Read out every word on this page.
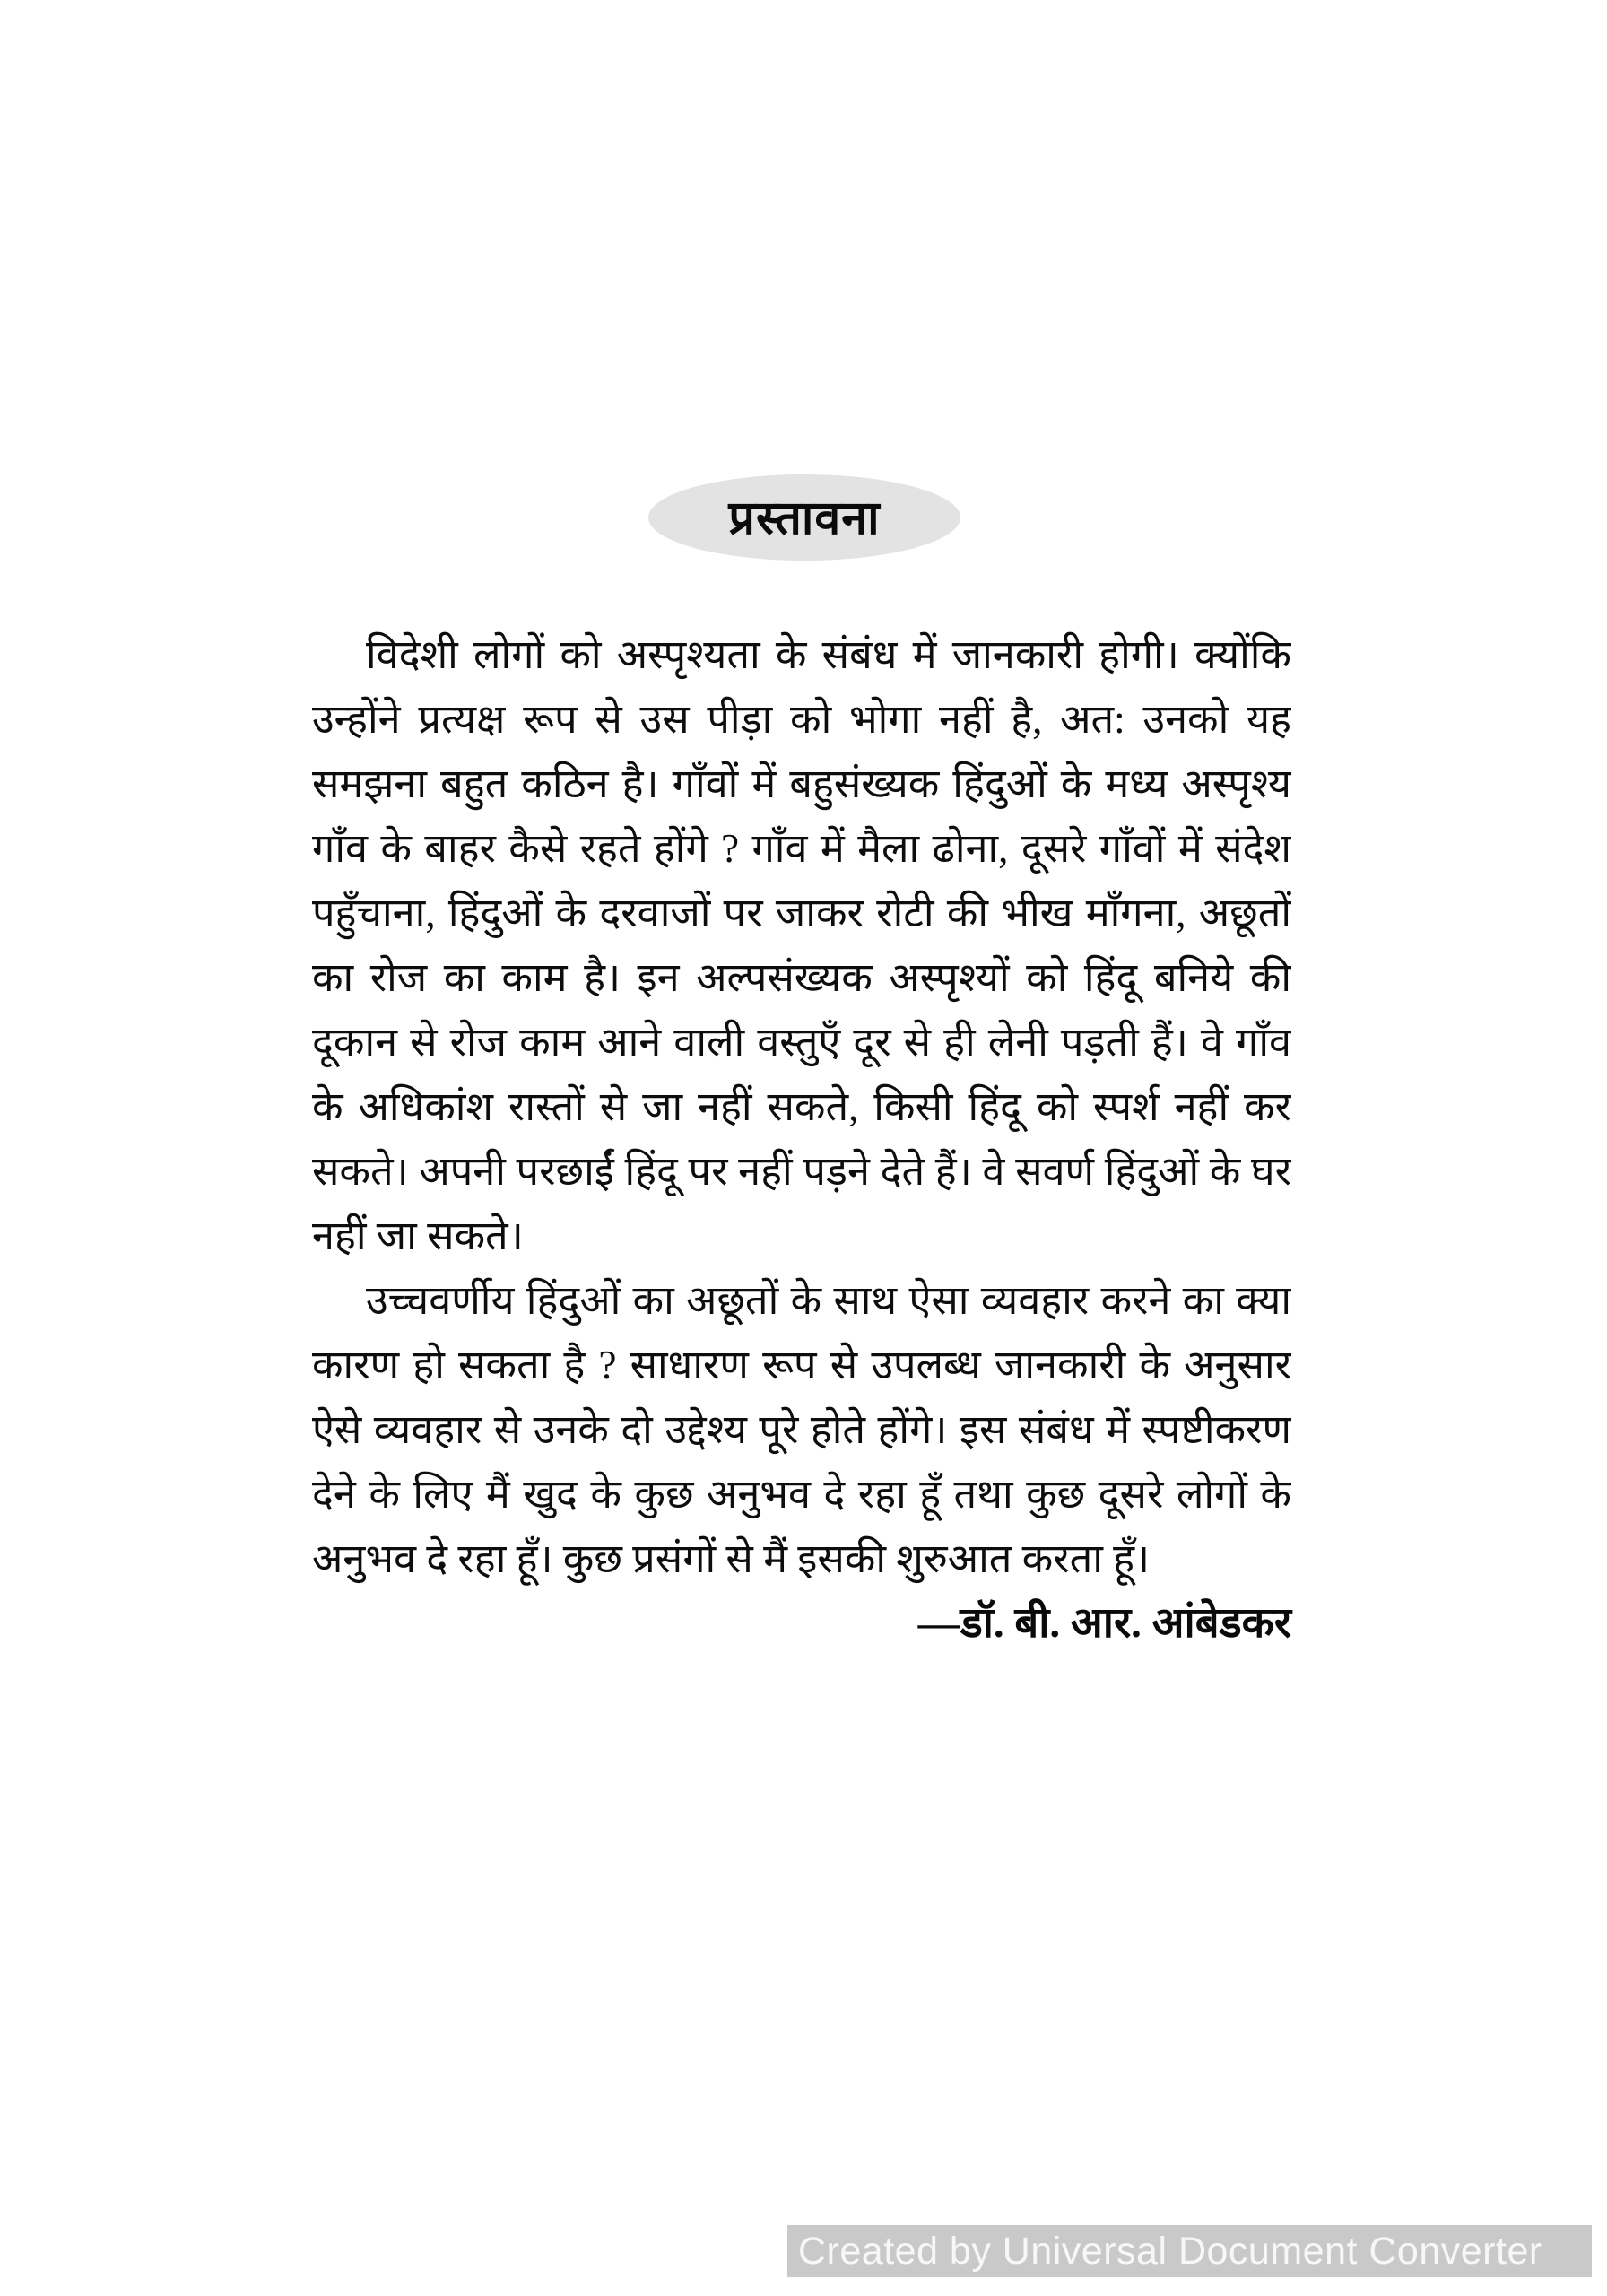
प्रस्तावना
विदेशी लोगों को अस्पृश्यता के संबंध में जानकारी होगी। क्योंकि
उन्होंने प्रत्यक्ष रूप से उस पीड़ा को भोगा नहीं है, अत: उनको यह
समझना बहुत कठिन है। गाँवों में बहुसंख्यक हिंदुओं के मध्य अस्पृश्य
गाँव के बाहर कैसे रहते होंगे ? गाँव में मैला ढोना, दूसरे गाँवों में संदेश
पहुँचाना, हिंदुओं के दरवाजों पर जाकर रोटी की भीख माँगना, अछूतों
का रोज का काम है। इन अल्पसंख्यक अस्पृश्यों को हिंदू बनिये की
दूकान से रोज काम आने वाली वस्तुएँ दूर से ही लेनी पड़ती हैं। वे गाँव
के अधिकांश रास्तों से जा नहीं सकते, किसी हिंदू को स्पर्श नहीं कर
सकते। अपनी परछाईं हिंदू पर नहीं पड़ने देते हैं। वे सवर्ण हिंदुओं के घर
नहीं जा सकते।
उच्चवर्णीय हिंदुओं का अछूतों के साथ ऐसा व्यवहार करने का क्या
कारण हो सकता है ? साधारण रूप से उपलब्ध जानकारी के अनुसार
ऐसे व्यवहार से उनके दो उद्देश्य पूरे होते होंगे। इस संबंध में स्पष्टीकरण
देने के लिए मैं खुद के कुछ अनुभव दे रहा हूँ तथा कुछ दूसरे लोगों के
अनुभव दे रहा हूँ। कुछ प्रसंगों से मैं इसकी शुरुआत करता हूँ।
—डॉ. बी. आर. आंबेडकर
Created by Universal Document Converter
